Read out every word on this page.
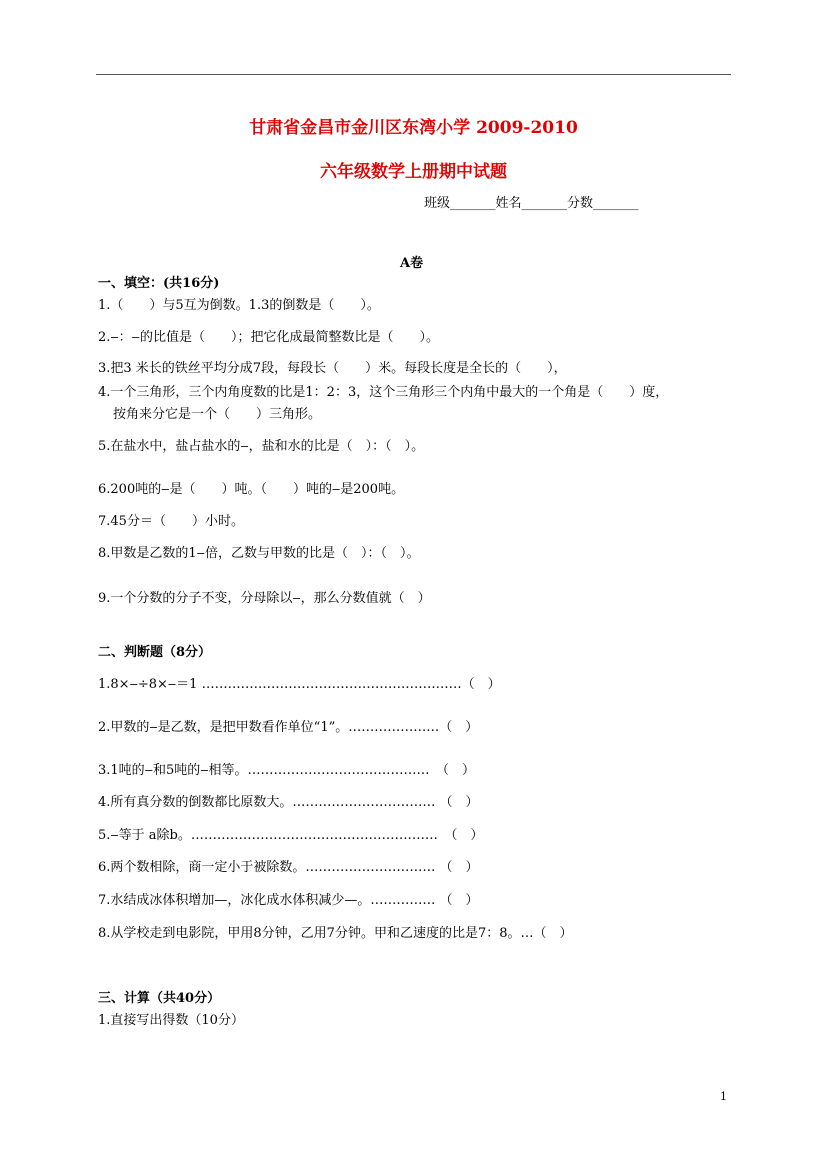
甘肃省金昌市金川区东湾小学 2009-2010
六年级数学上册期中试题
班级_______姓名_______分数_______
A卷
一、填空：(共16分)
1.（　　）与5互为倒数。1.3的倒数是（　　）。
2.‒：‒的比值是（　　）；把它化成最简整数比是（　　）。
3.把3 米长的铁丝平均分成7段，每段长（　　）米。每段长度是全长的（　　），
4.一个三角形，三个内角度数的比是1：2：3，这个三角形三个内角中最大的一个角是（　　）度，
按角来分它是一个（　　）三角形。
5.在盐水中，盐占盐水的‒，盐和水的比是（　）：（　）。
6.200吨的‒是（　　）吨。（　　）吨的‒是200吨。
7.45分＝（　　）小时。
8.甲数是乙数的1‒倍，乙数与甲数的比是（　）：（　）。
9.一个分数的分子不变，分母除以‒，那么分数值就（　）
二、判断题（8分）
1.8×‒÷8×‒＝1 ……………………………………………………（　）
2.甲数的‒是乙数，是把甲数看作单位“1”。…………………（　）
3.1吨的‒和5吨的‒相等。……………………………………　（　）
4.所有真分数的倒数都比原数大。…………………………… （　）
5.‒等于 a除b。…………………………………………………　（　）
6.两个数相除，商一定小于被除数。………………………… （　）
7.水结成冰体积增加—，冰化成水体积减少—。…………… （　）
8.从学校走到电影院，甲用8分钟，乙用7分钟。甲和乙速度的比是7：8。…（　）
三、计算（共40分）
1.直接写出得数（10分）
1
